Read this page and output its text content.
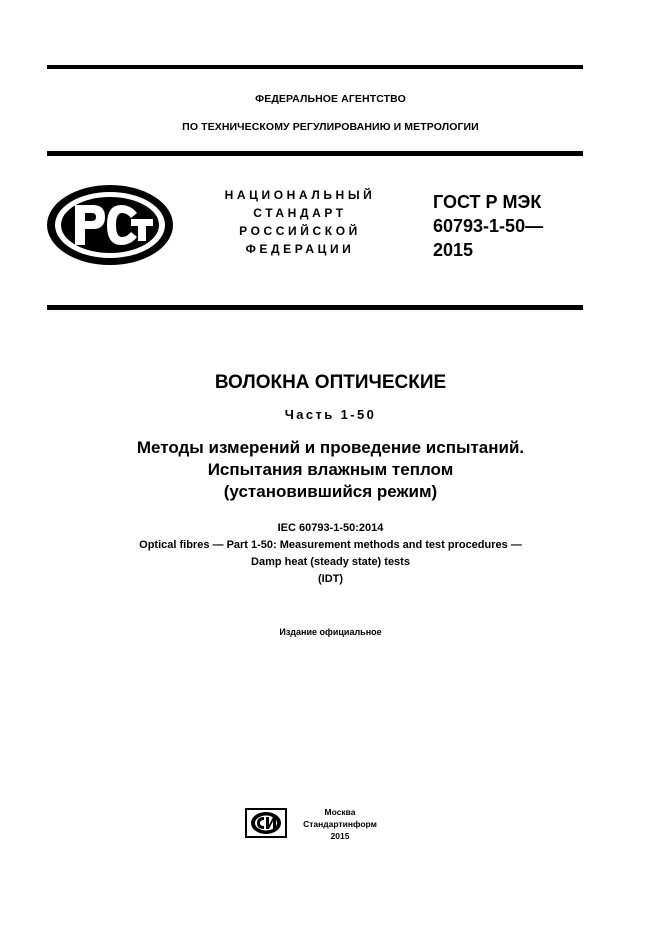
ФЕДЕРАЛЬНОЕ АГЕНТСТВО
ПО ТЕХНИЧЕСКОМУ РЕГУЛИРОВАНИЮ И МЕТРОЛОГИИ
НАЦИОНАЛЬНЫЙ
СТАНДАРТ
РОССИЙСКОЙ
ФЕДЕРАЦИИ
ГОСТ Р МЭК
60793-1-50—
2015
ВОЛОКНА ОПТИЧЕСКИЕ
Часть 1-50
Методы измерений и проведение испытаний.
Испытания влажным теплом
(установившийся режим)
IEC 60793-1-50:2014
Optical fibres — Part 1-50: Measurement methods and test procedures —
Damp heat (steady state) tests
(IDT)
Издание официальное
Москва
Стандартинформ
2015
